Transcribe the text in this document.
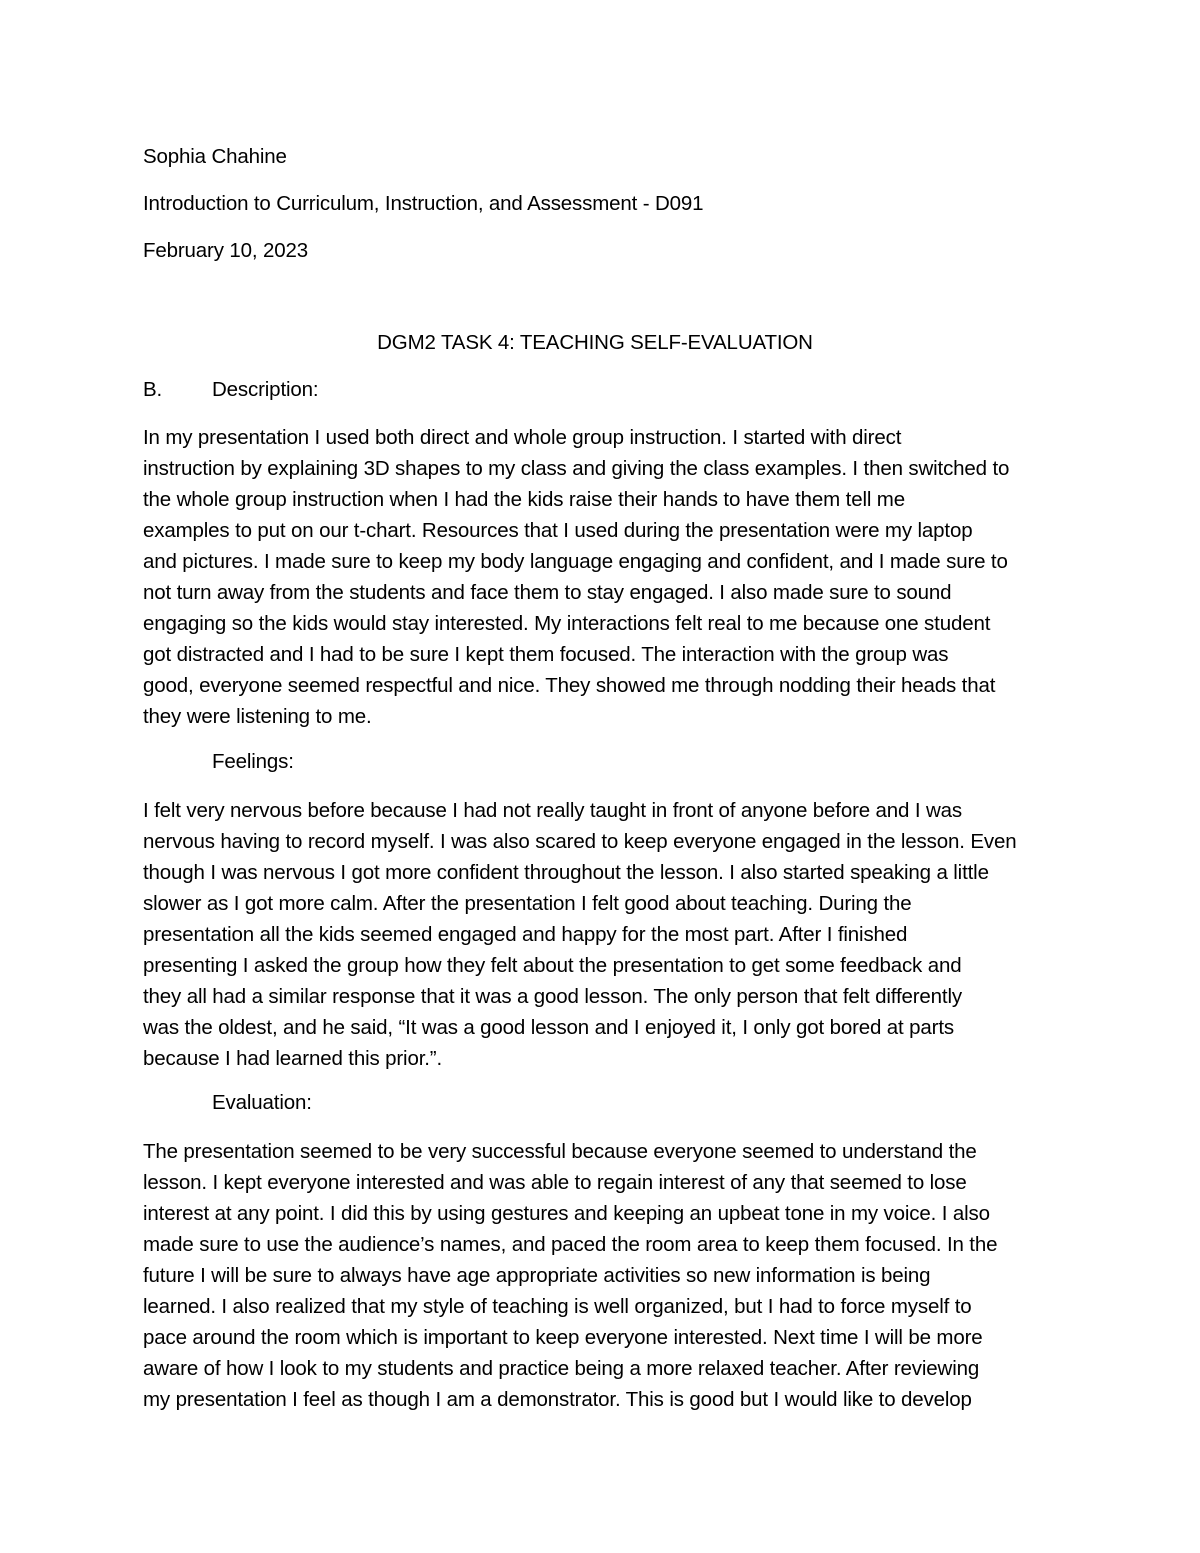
Sophia Chahine
Introduction to Curriculum, Instruction, and Assessment - D091
February 10, 2023
DGM2 TASK 4: TEACHING SELF-EVALUATION
B. Description:
In my presentation I used both direct and whole group instruction. I started with direct
instruction by explaining 3D shapes to my class and giving the class examples. I then switched to
the whole group instruction when I had the kids raise their hands to have them tell me
examples to put on our t-chart. Resources that I used during the presentation were my laptop
and pictures. I made sure to keep my body language engaging and confident, and I made sure to
not turn away from the students and face them to stay engaged. I also made sure to sound
engaging so the kids would stay interested. My interactions felt real to me because one student
got distracted and I had to be sure I kept them focused. The interaction with the group was
good, everyone seemed respectful and nice. They showed me through nodding their heads that
they were listening to me.
Feelings:
I felt very nervous before because I had not really taught in front of anyone before and I was
nervous having to record myself. I was also scared to keep everyone engaged in the lesson. Even
though I was nervous I got more confident throughout the lesson. I also started speaking a little
slower as I got more calm. After the presentation I felt good about teaching. During the
presentation all the kids seemed engaged and happy for the most part. After I finished
presenting I asked the group how they felt about the presentation to get some feedback and
they all had a similar response that it was a good lesson. The only person that felt differently
was the oldest, and he said, “It was a good lesson and I enjoyed it, I only got bored at parts
because I had learned this prior.”.
Evaluation:
The presentation seemed to be very successful because everyone seemed to understand the
lesson. I kept everyone interested and was able to regain interest of any that seemed to lose
interest at any point. I did this by using gestures and keeping an upbeat tone in my voice. I also
made sure to use the audience’s names, and paced the room area to keep them focused. In the
future I will be sure to always have age appropriate activities so new information is being
learned. I also realized that my style of teaching is well organized, but I had to force myself to
pace around the room which is important to keep everyone interested. Next time I will be more
aware of how I look to my students and practice being a more relaxed teacher. After reviewing
my presentation I feel as though I am a demonstrator. This is good but I would like to develop
